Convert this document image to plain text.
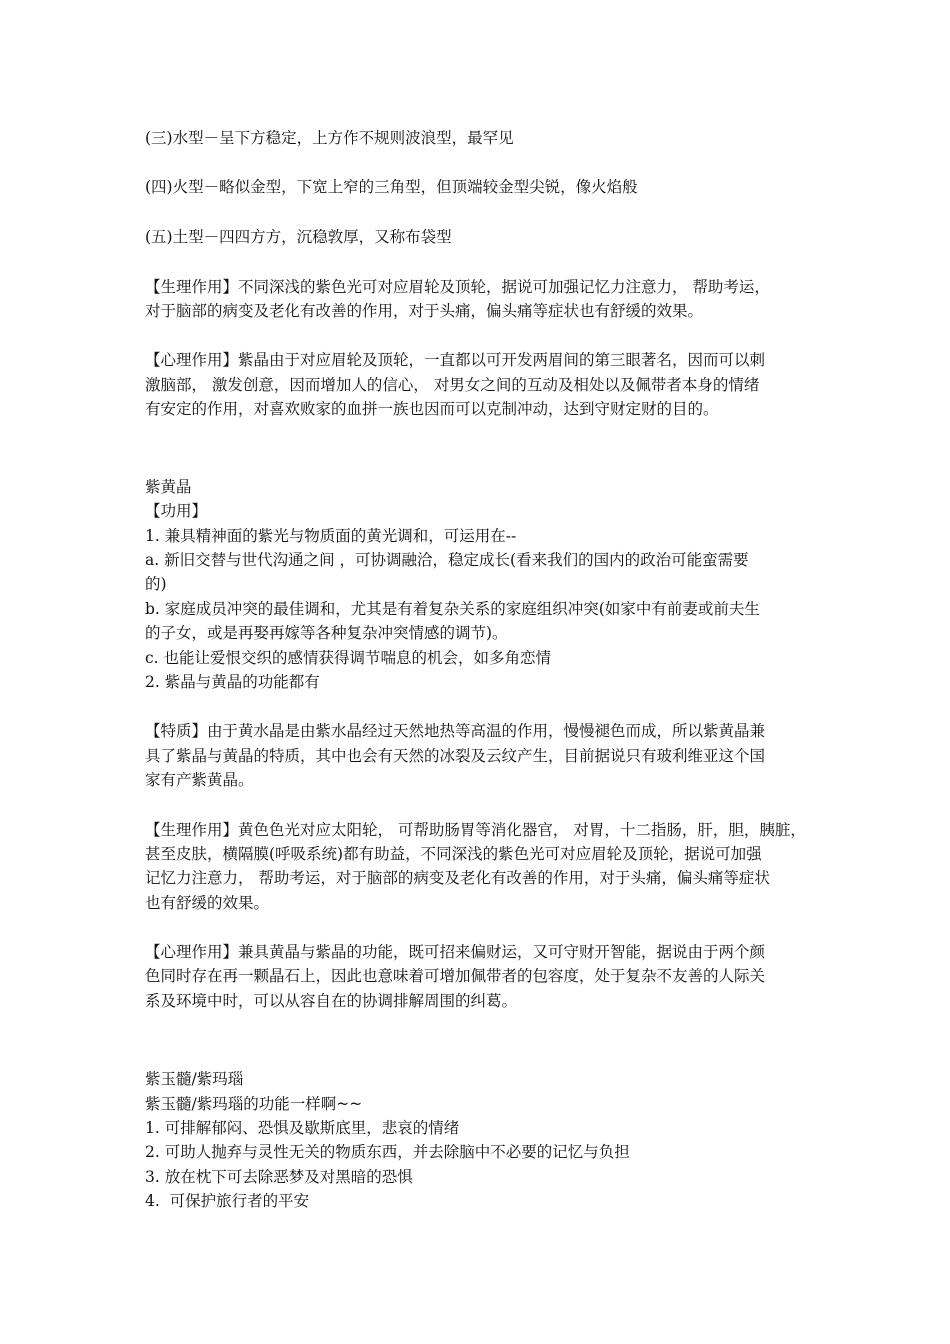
(三)水型－呈下方稳定，上方作不规则波浪型，最罕见
(四)火型－略似金型，下宽上窄的三角型，但顶端较金型尖锐，像火焰般
(五)土型－四四方方，沉稳敦厚，又称布袋型
【生理作用】不同深浅的紫色光可对应眉轮及顶轮，据说可加强记忆力注意力， 帮助考运，
对于脑部的病变及老化有改善的作用，对于头痛，偏头痛等症状也有舒缓的效果。
【心理作用】紫晶由于对应眉轮及顶轮，一直都以可开发两眉间的第三眼著名，因而可以刺
激脑部， 激发创意，因而增加人的信心， 对男女之间的互动及相处以及佩带者本身的情绪
有安定的作用，对喜欢败家的血拼一族也因而可以克制冲动，达到守财定财的目的。
紫黄晶
【功用】
1. 兼具精神面的紫光与物质面的黄光调和，可运用在--
a. 新旧交替与世代沟通之间 ，可协调融洽，稳定成长(看来我们的国内的政治可能蛮需要
的)
b. 家庭成员冲突的最佳调和，尤其是有着复杂关系的家庭组织冲突(如家中有前妻或前夫生
的子女，或是再娶再嫁等各种复杂冲突情感的调节)。
c. 也能让爱恨交织的感情获得调节喘息的机会，如多角恋情
2. 紫晶与黄晶的功能都有
【特质】由于黄水晶是由紫水晶经过天然地热等高温的作用，慢慢褪色而成，所以紫黄晶兼
具了紫晶与黄晶的特质，其中也会有天然的冰裂及云纹产生，目前据说只有玻利维亚这个国
家有产紫黄晶。
【生理作用】黄色色光对应太阳轮， 可帮助肠胃等消化器官， 对胃，十二指肠，肝，胆，胰脏，
甚至皮肤，横隔膜(呼吸系统)都有助益，不同深浅的紫色光可对应眉轮及顶轮，据说可加强
记忆力注意力， 帮助考运，对于脑部的病变及老化有改善的作用，对于头痛，偏头痛等症状
也有舒缓的效果。
【心理作用】兼具黄晶与紫晶的功能，既可招来偏财运，又可守财开智能，据说由于两个颜
色同时存在再一颗晶石上，因此也意味着可增加佩带者的包容度，处于复杂不友善的人际关
系及环境中时，可以从容自在的协调排解周围的纠葛。
紫玉髓/紫玛瑙
紫玉髓/紫玛瑙的功能一样啊~~
1. 可排解郁闷、恐惧及歇斯底里，悲哀的情绪
2. 可助人抛弃与灵性无关的物质东西，并去除脑中不必要的记忆与负担
3. 放在枕下可去除恶梦及对黑暗的恐惧
4.  可保护旅行者的平安
